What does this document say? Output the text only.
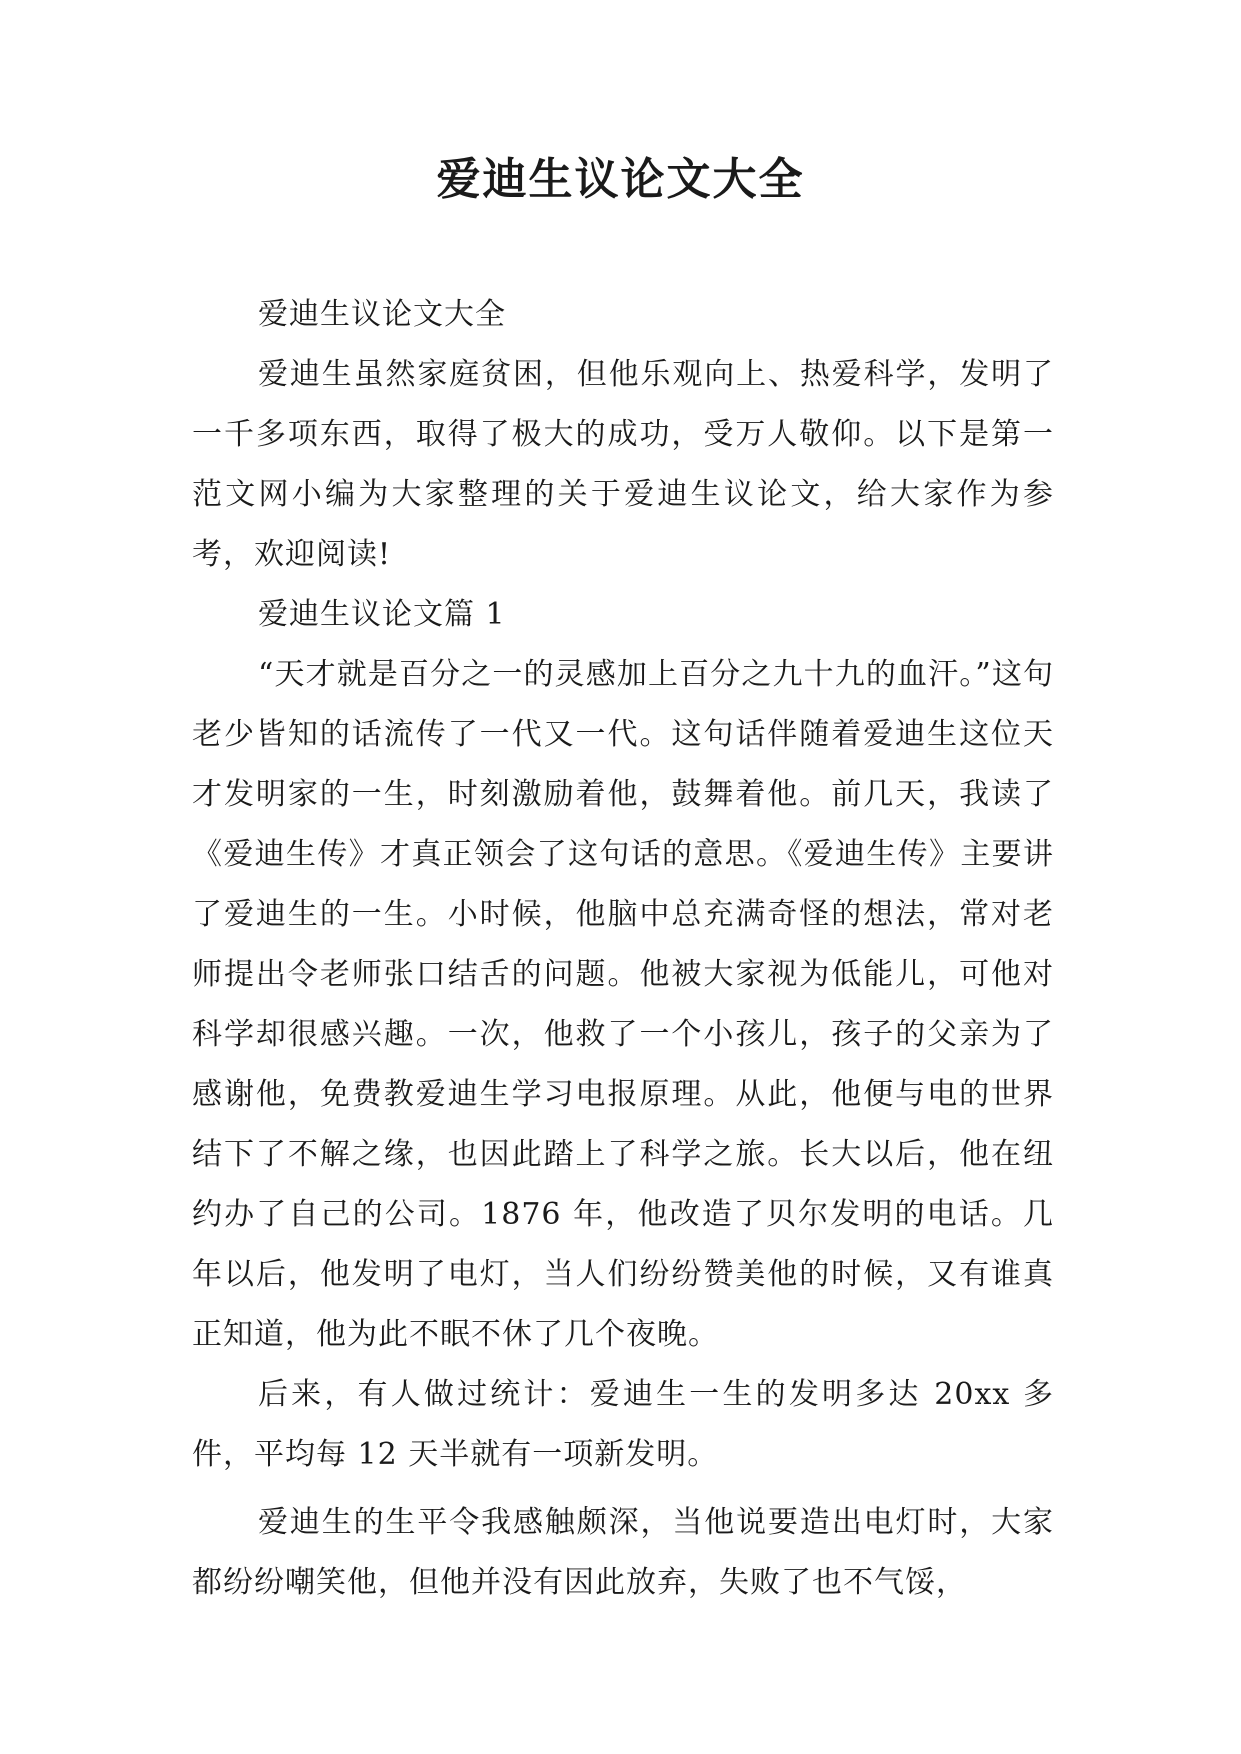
爱迪生议论文大全

爱迪生议论文大全

爱迪生虽然家庭贫困，但他乐观向上、热爱科学，发明了一千多项东西，取得了极大的成功，受万人敬仰。以下是第一范文网小编为大家整理的关于爱迪生议论文，给大家作为参考，欢迎阅读!

爱迪生议论文篇 1

“天才就是百分之一的灵感加上百分之九十九的血汗。”这句老少皆知的话流传了一代又一代。这句话伴随着爱迪生这位天才发明家的一生，时刻激励着他，鼓舞着他。前几天，我读了《爱迪生传》才真正领会了这句话的意思。《爱迪生传》主要讲了爱迪生的一生。小时候，他脑中总充满奇怪的想法，常对老师提出令老师张口结舌的问题。他被大家视为低能儿，可他对科学却很感兴趣。一次，他救了一个小孩儿，孩子的父亲为了感谢他，免费教爱迪生学习电报原理。从此，他便与电的世界结下了不解之缘，也因此踏上了科学之旅。长大以后，他在纽约办了自己的公司。1876 年，他改造了贝尔发明的电话。几年以后，他发明了电灯，当人们纷纷赞美他的时候，又有谁真正知道，他为此不眠不休了几个夜晚。

后来，有人做过统计：爱迪生一生的发明多达 20xx 多件，平均每 12 天半就有一项新发明。

爱迪生的生平令我感触颇深，当他说要造出电灯时，大家都纷纷嘲笑他，但他并没有因此放弃，失败了也不气馁，
